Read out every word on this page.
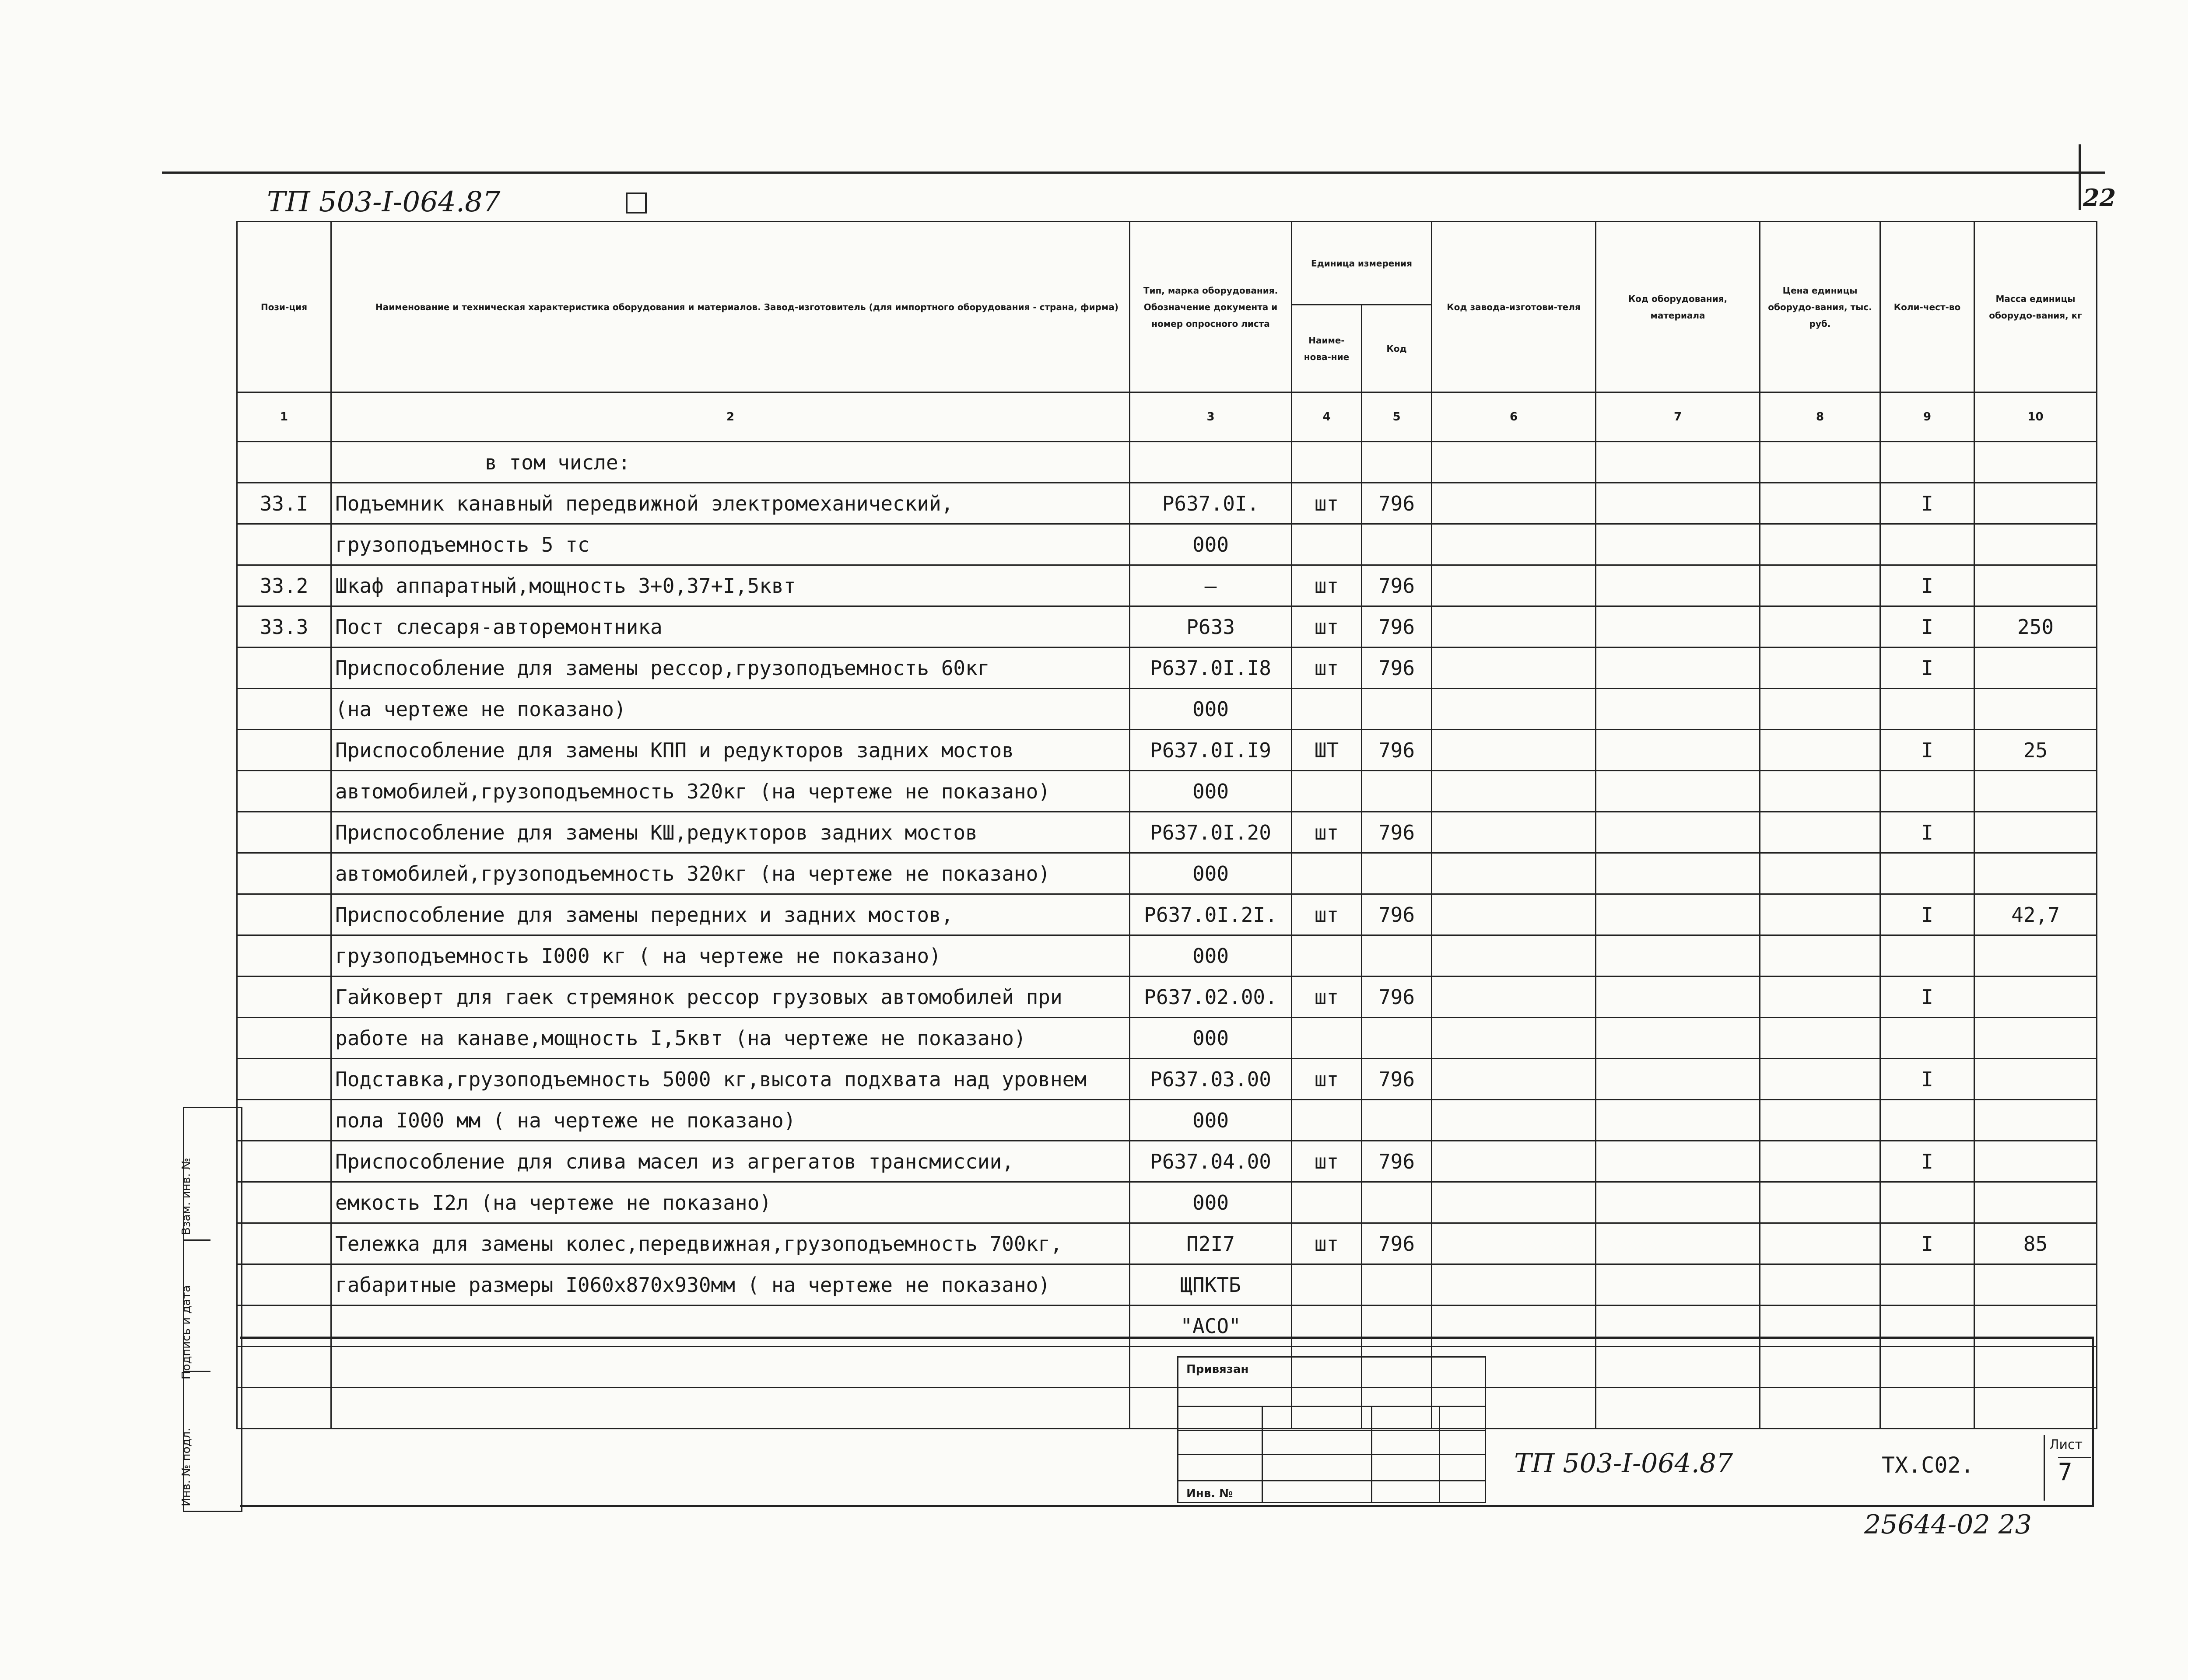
ТП 503-I-064.87	22
Пози-ция	Наименование и техническая характеристика оборудования и материалов. Завод-изготовитель (для импортного оборудования - страна, фирма)	Тип, марка оборудования. Обозначение документа и номер опросного листа	Единица измерения		Код завода-изготови-теля	Код оборудования, материала	Цена единицы оборудо-вания, тыс. руб.	Коли-чест-во	Масса единицы оборудо-вания, кг
			Наиме-нова-ние	Код					
1	2	3	4	5	6	7	8	9	10
	в том числе:								
33.I	Подъемник канавный передвижной электромеханический,	Р637.0I.	шт	796				I	
	грузоподъемность 5 тс	000							
33.2	Шкаф аппаратный,мощность 3+0,37+I,5квт	–	шт	796				I	
33.3	Пост слесаря-авторемонтника	Р633	шт	796				I	250
	Приспособление для замены рессор,грузоподъемность 60кг	Р637.0I.I8	шт	796				I	
	(на чертеже не показано)	000							
	Приспособление для замены КПП и редукторов задних мостов	Р637.0I.I9	ШТ	796				I	25
	автомобилей,грузоподъемность 320кг (на чертеже не показано)	000							
	Приспособление для замены КШ,редукторов задних мостов	Р637.0I.20	шт	796				I	
	автомобилей,грузоподъемность 320кг (на чертеже не показано)	000							
	Приспособление для замены передних и задних мостов,	Р637.0I.2I.	шт	796				I	42,7
	грузоподъемность I000 кг ( на чертеже не показано)	000							
	Гайковерт для гаек стремянок рессор грузовых автомобилей при	Р637.02.00.	шт	796				I	
	работе на канаве,мощность I,5квт (на чертеже не показано)	000							
	Подставка,грузоподъемность 5000 кг,высота подхвата над уровнем	Р637.03.00	шт	796				I	
	пола I000 мм ( на чертеже не показано)	000							
	Приспособление для слива масел из агрегатов трансмиссии,	Р637.04.00	шт	796				I	
	емкость I2л (на чертеже не показано)	000							
	Тележка для замены колес,передвижная,грузоподъемность 700кг,	П2I7	шт	796				I	85
	габаритные размеры I060x870x930мм ( на чертеже не показано)	ЩПКТБ							
		"АСО"							

Взам. инв. №
Подпись и дата
Инв. № подл.
Привязан
Инв. №
ТП 503-I-064.87	ТХ.С02.
Лист
7
25644-02 23
